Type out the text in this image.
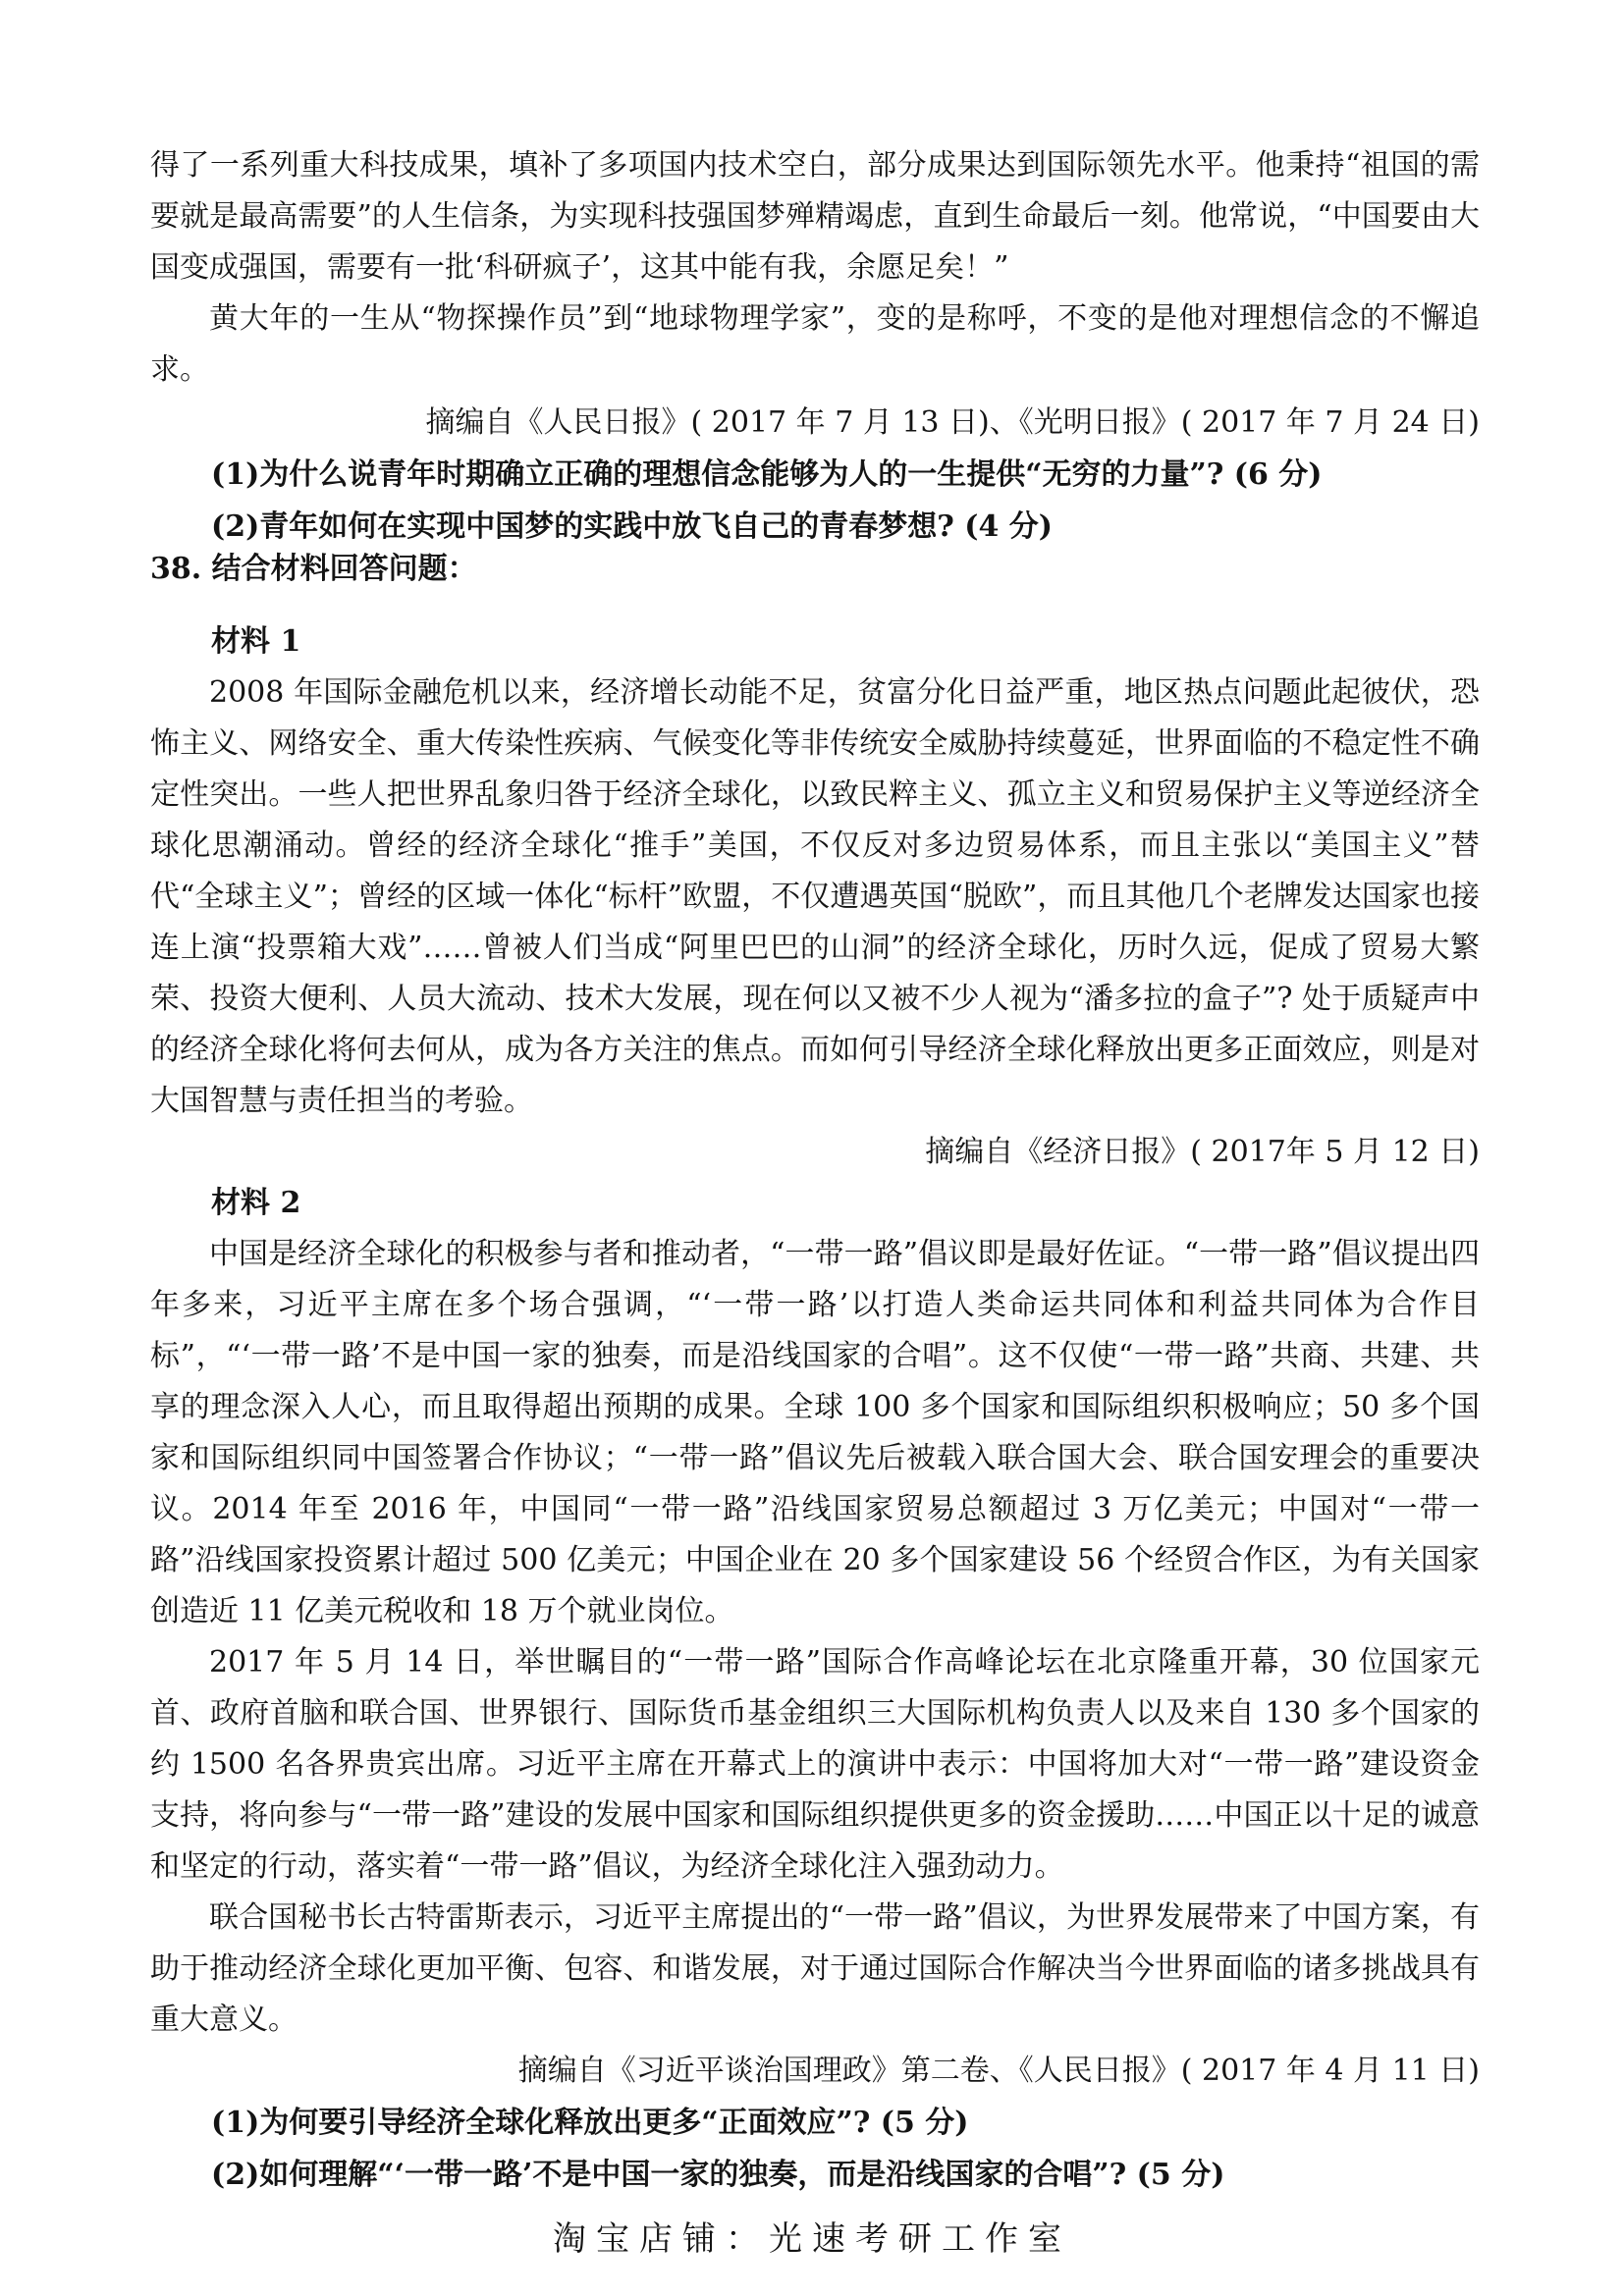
得了一系列重大科技成果，填补了多项国内技术空白，部分成果达到国际领先水平。他秉持“祖国的需要就是最高需要”的人生信条，为实现科技强国梦殚精竭虑，直到生命最后一刻。他常说，“中国要由大国变成强国，需要有一批‘科研疯子’，这其中能有我，余愿足矣！”

黄大年的一生从“物探操作员”到“地球物理学家”，变的是称呼，不变的是他对理想信念的不懈追求。

摘编自《人民日报》( 2017 年 7 月 13 日)、《光明日报》( 2017 年 7 月 24 日)

(1)为什么说青年时期确立正确的理想信念能够为人的一生提供“无穷的力量”? (6 分)

(2)青年如何在实现中国梦的实践中放飞自己的青春梦想? (4 分)

38. 结合材料回答问题：

材料 1

2008 年国际金融危机以来，经济增长动能不足，贫富分化日益严重，地区热点问题此起彼伏，恐怖主义、网络安全、重大传染性疾病、气候变化等非传统安全威胁持续蔓延，世界面临的不稳定性不确定性突出。一些人把世界乱象归咎于经济全球化，以致民粹主义、孤立主义和贸易保护主义等逆经济全球化思潮涌动。曾经的经济全球化“推手”美国，不仅反对多边贸易体系，而且主张以“美国主义”替代“全球主义”；曾经的区域一体化“标杆”欧盟，不仅遭遇英国“脱欧”，而且其他几个老牌发达国家也接连上演“投票箱大戏”……曾被人们当成“阿里巴巴的山洞”的经济全球化，历时久远，促成了贸易大繁荣、投资大便利、人员大流动、技术大发展，现在何以又被不少人视为“潘多拉的盒子”? 处于质疑声中的经济全球化将何去何从，成为各方关注的焦点。而如何引导经济全球化释放出更多正面效应，则是对大国智慧与责任担当的考验。

摘编自《经济日报》( 2017年 5 月 12 日)

材料 2

中国是经济全球化的积极参与者和推动者，“一带一路”倡议即是最好佐证。“一带一路”倡议提出四年多来，习近平主席在多个场合强调，“‘一带一路’以打造人类命运共同体和利益共同体为合作目标”，“‘一带一路’不是中国一家的独奏，而是沿线国家的合唱”。这不仅使“一带一路”共商、共建、共享的理念深入人心，而且取得超出预期的成果。全球 100 多个国家和国际组织积极响应；50 多个国家和国际组织同中国签署合作协议；“一带一路”倡议先后被载入联合国大会、联合国安理会的重要决议。2014 年至 2016 年，中国同“一带一路”沿线国家贸易总额超过 3 万亿美元；中国对“一带一路”沿线国家投资累计超过 500 亿美元；中国企业在 20 多个国家建设 56 个经贸合作区，为有关国家创造近 11 亿美元税收和 18 万个就业岗位。

2017 年 5 月 14 日，举世瞩目的“一带一路”国际合作高峰论坛在北京隆重开幕，30 位国家元首、政府首脑和联合国、世界银行、国际货币基金组织三大国际机构负责人以及来自 130 多个国家的约 1500 名各界贵宾出席。习近平主席在开幕式上的演讲中表示：中国将加大对“一带一路”建设资金支持，将向参与“一带一路”建设的发展中国家和国际组织提供更多的资金援助……中国正以十足的诚意和坚定的行动，落实着“一带一路”倡议，为经济全球化注入强劲动力。

联合国秘书长古特雷斯表示，习近平主席提出的“一带一路”倡议，为世界发展带来了中国方案，有助于推动经济全球化更加平衡、包容、和谐发展，对于通过国际合作解决当今世界面临的诸多挑战具有重大意义。

摘编自《习近平谈治国理政》第二卷、《人民日报》( 2017 年 4 月 11 日)

(1)为何要引导经济全球化释放出更多“正面效应”? (5 分)

(2)如何理解“‘一带一路’不是中国一家的独奏，而是沿线国家的合唱”? (5 分)

淘宝店铺：光速考研工作室
